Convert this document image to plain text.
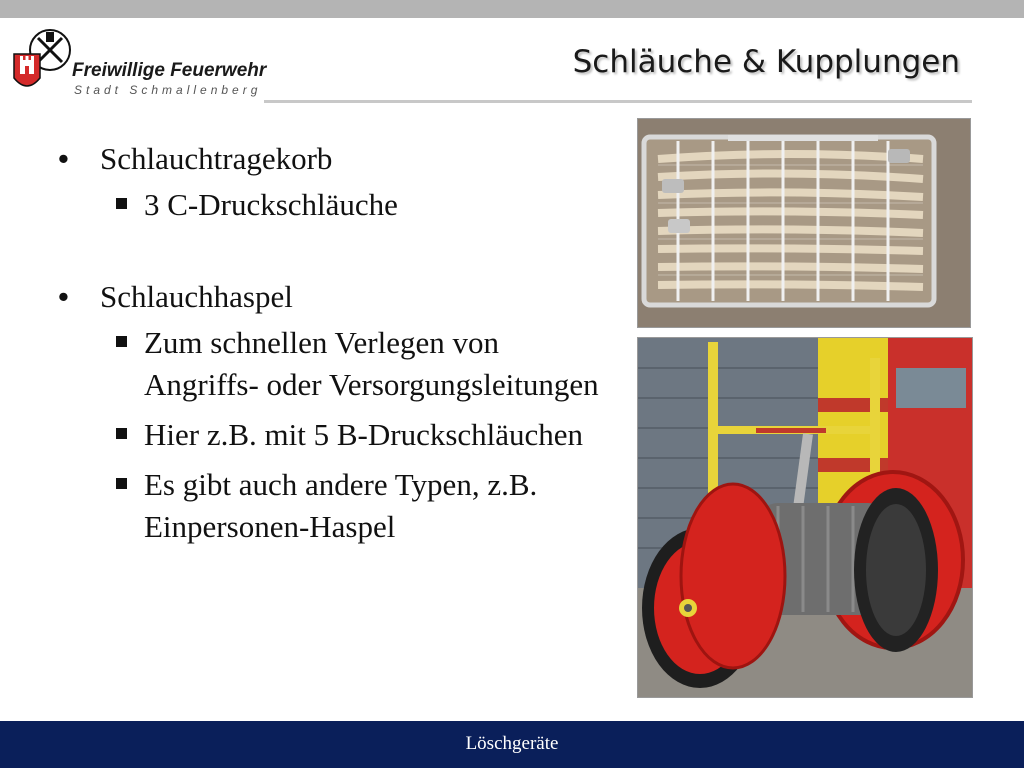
Freiwillige Feuerwehr
Stadt Schmallenberg
Schläuche & Kupplungen
• Schlauchtragekorb
3 C-Druckschläuche
• Schlauchhaspel
Zum schnellen Verlegen von Angriffs- oder Versorgungsleitungen
Hier z.B. mit 5 B-Druckschläuchen
Es gibt auch andere Typen, z.B. Einpersonen-Haspel
Löschgeräte
